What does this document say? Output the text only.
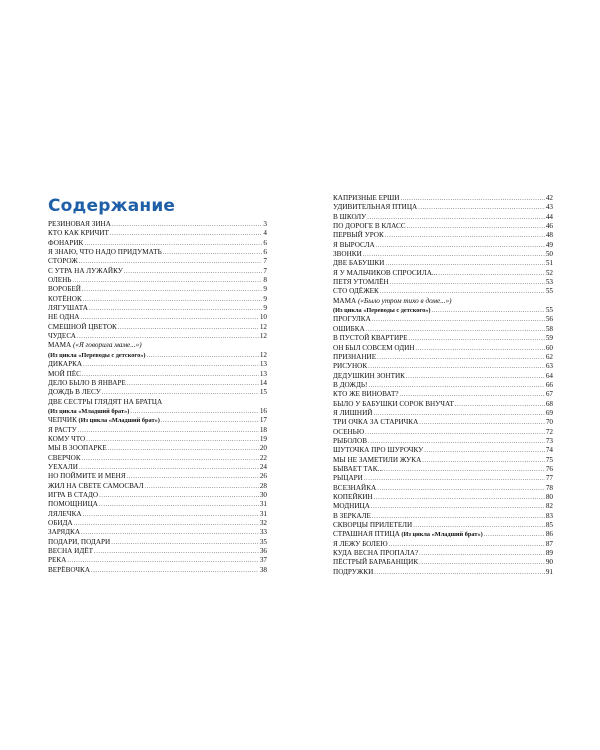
Содержание
РЕЗИНОВАЯ ЗИНА .....	3
КТО КАК КРИЧИТ .....	4
ФОНАРИК .....	6
Я ЗНАЮ, ЧТО НАДО ПРИДУМАТЬ .....	6
СТОРОЖ .....	7
С УТРА НА ЛУЖАЙКУ .....	7
ОЛЕНЬ .....	8
ВОРОБЕЙ .....	9
КОТЁНОК .....	9
ЛЯГУШАТА .....	9
НЕ ОДНА .....	10
СМЕШНОЙ ЦВЕТОК .....	12
ЧУДЕСА .....	12
МАМА («Я говорила маме...»)
(Из цикла «Переводы с детского») .....	12
ДИКАРКА .....	13
МОЙ ПЁС .....	13
ДЕЛО БЫЛО В ЯНВАРЕ .....	14
ДОЖДЬ В ЛЕСУ .....	15
ДВЕ СЕСТРЫ ГЛЯДЯТ НА БРАТЦА
(Из цикла «Младший брат») .....	16
ЧЕПЧИК (Из цикла «Младший брат») .....	17
Я РАСТУ .....	18
КОМУ ЧТО .....	19
МЫ В ЗООПАРКЕ .....	20
СВЕРЧОК .....	22
УЕХАЛИ .....	24
НО ПОЙМИТЕ И МЕНЯ .....	26
ЖИЛ НА СВЕТЕ САМОСВАЛ .....	28
ИГРА В СТАДО .....	30
ПОМОЩНИЦА .....	31
ЛЯЛЕЧКА .....	31
ОБИДА .....	32
ЗАРЯДКА .....	33
ПОДАРИ, ПОДАРИ .....	35
ВЕСНА ИДЁТ .....	36
РЕКА .....	37
ВЕРЁВОЧКА .....	38
КАПРИЗНЫЕ ЕРШИ .....	42
УДИВИТЕЛЬНАЯ ПТИЦА .....	43
В ШКОЛУ .....	44
ПО ДОРОГЕ В КЛАСС .....	46
ПЕРВЫЙ УРОК .....	48
Я ВЫРОСЛА .....	49
ЗВОНКИ .....	50
ДВЕ БАБУШКИ .....	51
Я У МАЛЬЧИКОВ СПРОСИЛА... .....	52
ПЕТЯ УТОМЛЁН .....	53
СТО ОДЁЖЕК .....	55
МАМА («Было утром тихо в доме...»)
(Из цикла «Переводы с детского») .....	55
ПРОГУЛКА .....	56
ОШИБКА .....	58
В ПУСТОЙ КВАРТИРЕ .....	59
ОН БЫЛ СОВСЕМ ОДИН .....	60
ПРИЗНАНИЕ .....	62
РИСУНОК .....	63
ДЕДУШКИН ЗОНТИК .....	64
В ДОЖДЬ! .....	66
КТО ЖЕ ВИНОВАТ? .....	67
БЫЛО У БАБУШКИ СОРОК ВНУЧАТ .....	68
Я ЛИШНИЙ .....	69
ТРИ ОЧКА ЗА СТАРИЧКА .....	70
ОСЕНЬЮ .....	72
РЫБОЛОВ .....	73
ШУТОЧКА ПРО ШУРОЧКУ .....	74
МЫ НЕ ЗАМЕТИЛИ ЖУКА .....	75
БЫВАЕТ ТАК... .....	76
РЫЦАРИ .....	77
ВСЕЗНАЙКА .....	78
КОПЕЙКИН .....	80
МОДНИЦА .....	82
В ЗЕРКАЛЕ .....	83
СКВОРЦЫ ПРИЛЕТЕЛИ .....	85
СТРАШНАЯ ПТИЦА (Из цикла «Младший брат») .....	86
Я ЛЕЖУ БОЛЕЮ .....	87
КУДА ВЕСНА ПРОПАЛА? .....	89
ПЁСТРЫЙ БАРАБАНЩИК .....	90
ПОДРУЖКИ .....	91
